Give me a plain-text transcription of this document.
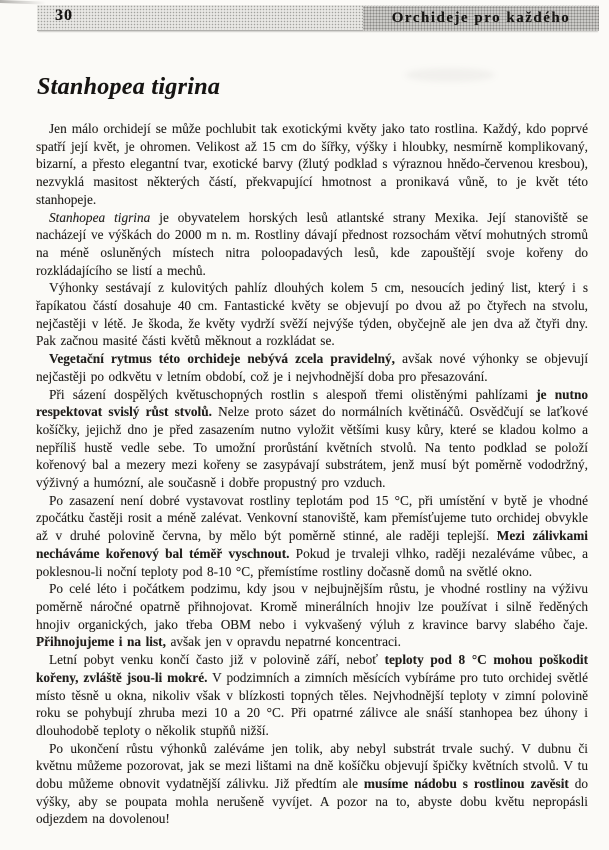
30	Orchideje pro každého
Stanhopea tigrina

Jen málo orchidejí se může pochlubit tak exotickými květy jako tato rostlina. Každý, kdo poprvé spatří její květ, je ohromen. Velikost až 15 cm do šířky, výšky i hloubky, nesmírně komplikovaný, bizarní, a přesto elegantní tvar, exotické barvy (žlutý podklad s výraznou hnědo-červenou kresbou), nezvyklá masitost některých částí, překvapující hmotnost a pronikavá vůně, to je květ této stanhopeje.

Stanhopea tigrina je obyvatelem horských lesů atlantské strany Mexika. Její stanoviště se nacházejí ve výškách do 2000 m n. m. Rostliny dávají přednost rozsochám větví mohutných stromů na méně osluněných místech nitra poloopadavých lesů, kde zapouštějí svoje kořeny do rozkládajícího se listí a mechů.

Výhonky sestávají z kulovitých pahlíz dlouhých kolem 5 cm, nesoucích jediný list, který i s řapíkatou částí dosahuje 40 cm. Fantastické květy se objevují po dvou až po čtyřech na stvolu, nejčastěji v létě. Je škoda, že květy vydrží svěží nejvýše týden, obyčejně ale jen dva až čtyři dny. Pak začnou masité části květů měknout a rozkládat se.

Vegetační rytmus této orchideje nebývá zcela pravidelný, avšak nové výhonky se objevují nejčastěji po odkvětu v letním období, což je i nejvhodnější doba pro přesazování.

Při sázení dospělých květuschopných rostlin s alespoň třemi olistěnými pahlízami je nutno respektovat svislý růst stvolů. Nelze proto sázet do normálních květináčů. Osvědčují se laťkové košíčky, jejichž dno je před zasazením nutno vyložit většími kusy kůry, které se kladou kolmo a nepříliš hustě vedle sebe. To umožní prorůstání květních stvolů. Na tento podklad se položí kořenový bal a mezery mezi kořeny se zasypávají substrátem, jenž musí být poměrně vododržný, výživný a humózní, ale současně i dobře propustný pro vzduch.

Po zasazení není dobré vystavovat rostliny teplotám pod 15 °C, při umístění v bytě je vhodné zpočátku častěji rosit a méně zalévat. Venkovní stanoviště, kam přemísťujeme tuto orchidej obvykle až v druhé polovině června, by mělo být poměrně stinné, ale raději teplejší. Mezi zálivkami necháváme kořenový bal téměř vyschnout. Pokud je trvaleji vlhko, raději nezaléváme vůbec, a poklesnou-li noční teploty pod 8-10 °C, přemístíme rostliny dočasně domů na světlé okno.

Po celé léto i počátkem podzimu, kdy jsou v nejbujnějším růstu, je vhodné rostliny na výživu poměrně náročné opatrně přihnojovat. Kromě minerálních hnojiv lze používat i silně ředěných hnojiv organických, jako třeba OBM nebo i vykvašený výluh z kravince barvy slabého čaje. Přihnojujeme i na list, avšak jen v opravdu nepatrné koncentraci.

Letní pobyt venku končí často již v polovině září, neboť teploty pod 8 °C mohou poškodit kořeny, zvláště jsou-li mokré. V podzimních a zimních měsících vybíráme pro tuto orchidej světlé místo těsně u okna, nikoliv však v blízkosti topných těles. Nejvhodnější teploty v zimní polovině roku se pohybují zhruba mezi 10 a 20 °C. Při opatrné zálivce ale snáší stanhopea bez úhony i dlouhodobě teploty o několik stupňů nižší.

Po ukončení růstu výhonků zaléváme jen tolik, aby nebyl substrát trvale suchý. V dubnu či květnu můžeme pozorovat, jak se mezi lištami na dně košíčku objevují špičky květních stvolů. V tu dobu můžeme obnovit vydatnější zálivku. Již předtím ale musíme nádobu s rostlinou zavěsit do výšky, aby se poupata mohla nerušeně vyvíjet. A pozor na to, abyste dobu květu nepropásli odjezdem na dovolenou!
